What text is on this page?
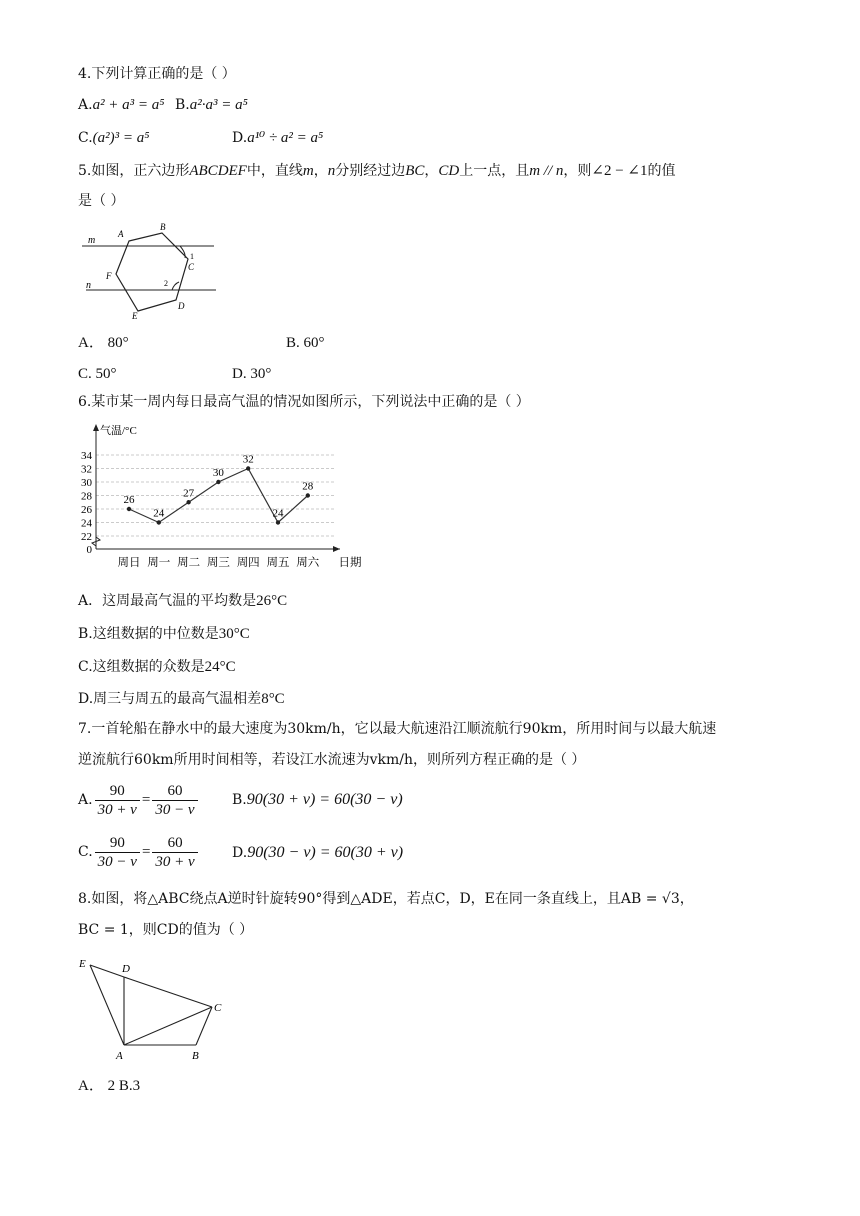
4.下列计算正确的是（ ）
A.a² + a³ = a⁵ B.a²·a³ = a⁵
C.(a²)³ = a⁵	D.a¹⁰ ÷ a² = a⁵
5.如图，正六边形ABCDEF中，直线m，n分别经过边BC，CD上一点，且m // n，则∠2 − ∠1的值
是（ ）
m
n
A
B
C
D
E
F
1
2
A． 80°	B. 60°
C. 50°	D. 30°
6.某市某一周内每日最高气温的情况如图所示，下列说法中正确的是（ ）
0
22
24
26
28
30
32
34
气温/°C
周日 周一 周二 周三 周四 周五 周六 日期
26
24
27
30
32
24
28
A．这周最高气温的平均数是26°C
B.这组数据的中位数是30°C
C.这组数据的众数是24°C
D.周三与周五的最高气温相差8°C
7.一首轮船在静水中的最大速度为30km/h，它以最大航速沿江顺流航行90km，所用时间与以最大航速
逆流航行60km所用时间相等，若设江水流速为vkm/h，则所列方程正确的是（ ）
A. $\frac{90}{30 + v} = \frac{60}{30 - v} B.90(30 + v) = 60(30 - v)$
C. $\frac{90}{30 - v} = \frac{60}{30 + v} D.90(30 - v) = 60(30 + v)$
8.如图，将△ABC绕点A逆时针旋转90°得到△ADE，若点C，D，E在同一条直线上，且AB = √3，
BC = 1，则CD的值为（ ）
E	D
C
A	B
A． 2 B.3
